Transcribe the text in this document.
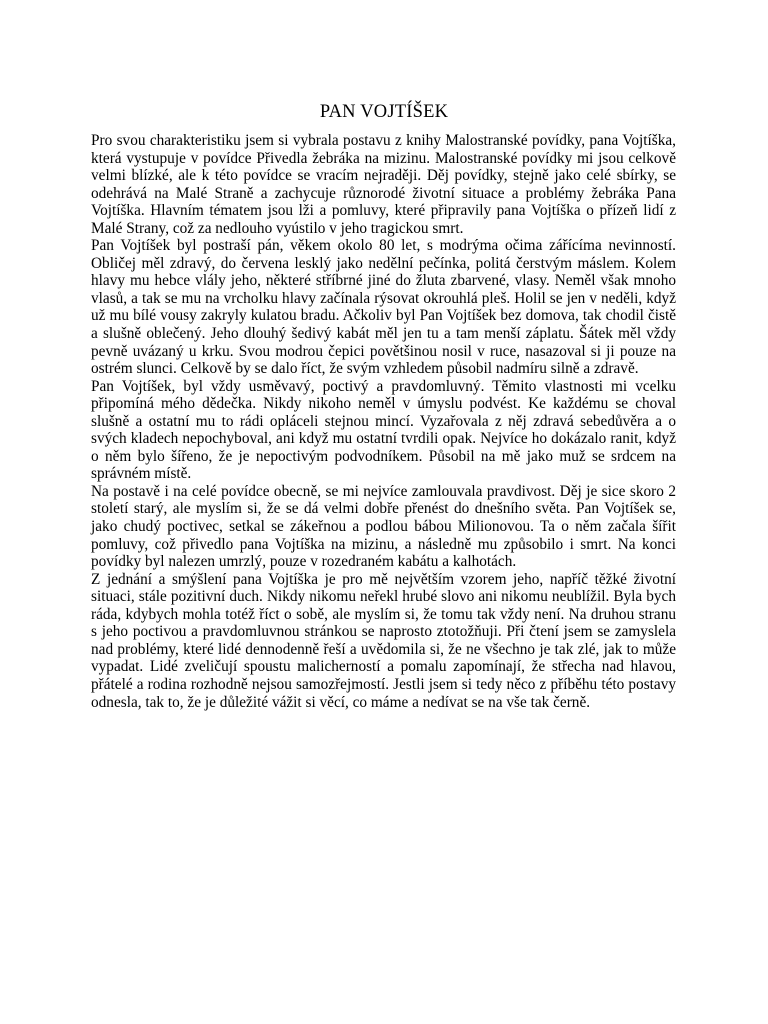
PAN VOJTÍŠEK

Pro svou charakteristiku jsem si vybrala postavu z knihy Malostranské povídky, pana Vojtíška, která vystupuje v povídce Přivedla žebráka na mizinu. Malostranské povídky mi jsou celkově velmi blízké, ale k této povídce se vracím nejraději. Děj povídky, stejně jako celé sbírky, se odehrává na Malé Straně a zachycuje různorodé životní situace a problémy žebráka Pana Vojtíška. Hlavním tématem jsou lži a pomluvy, které připravily pana Vojtíška o přízeň lidí z Malé Strany, což za nedlouho vyústilo v jeho tragickou smrt.

Pan Vojtíšek byl postraší pán, věkem okolo 80 let, s modrýma očima zářícíma nevinností. Obličej měl zdravý, do červena lesklý jako nedělní pečínka, politá čerstvým máslem. Kolem hlavy mu hebce vlály jeho, některé stříbrné jiné do žluta zbarvené, vlasy. Neměl však mnoho vlasů, a tak se mu na vrcholku hlavy začínala rýsovat okrouhlá pleš. Holil se jen v neděli, když už mu bílé vousy zakryly kulatou bradu. Ačkoliv byl Pan Vojtíšek bez domova, tak chodil čistě a slušně oblečený. Jeho dlouhý šedivý kabát měl jen tu a tam menší záplatu. Šátek měl vždy pevně uvázaný u krku. Svou modrou čepici povětšinou nosil v ruce, nasazoval si ji pouze na ostrém slunci. Celkově by se dalo říct, že svým vzhledem působil nadmíru silně a zdravě.

Pan Vojtíšek, byl vždy usměvavý, poctivý a pravdomluvný. Těmito vlastnosti mi vcelku připomíná mého dědečka. Nikdy nikoho neměl v úmyslu podvést. Ke každému se choval slušně a ostatní mu to rádi opláceli stejnou mincí. Vyzařovala z něj zdravá sebedůvěra a o svých kladech nepochyboval, ani když mu ostatní tvrdili opak. Nejvíce ho dokázalo ranit, když o něm bylo šířeno, že je nepoctivým podvodníkem. Působil na mě jako muž se srdcem na správném místě.

Na postavě i na celé povídce obecně, se mi nejvíce zamlouvala pravdivost. Děj je sice skoro 2 století starý, ale myslím si, že se dá velmi dobře přenést do dnešního světa. Pan Vojtíšek se, jako chudý poctivec, setkal se zákeřnou a podlou bábou Milionovou. Ta o něm začala šířit pomluvy, což přivedlo pana Vojtíška na mizinu, a následně mu způsobilo i smrt. Na konci povídky byl nalezen umrzlý, pouze v rozedraném kabátu a kalhotách.

Z jednání a smýšlení pana Vojtíška je pro mě největším vzorem jeho, napříč těžké životní situaci, stále pozitivní duch. Nikdy nikomu neřekl hrubé slovo ani nikomu neublížil. Byla bych ráda, kdybych mohla totéž říct o sobě, ale myslím si, že tomu tak vždy není. Na druhou stranu s jeho poctivou a pravdomluvnou stránkou se naprosto ztotožňuji. Při čtení jsem se zamyslela nad problémy, které lidé dennodenně řeší a uvědomila si, že ne všechno je tak zlé, jak to může vypadat. Lidé zveličují spoustu malicherností a pomalu zapomínají, že střecha nad hlavou, přátelé a rodina rozhodně nejsou samozřejmostí. Jestli jsem si tedy něco z příběhu této postavy odnesla, tak to, že je důležité vážit si věcí, co máme a nedívat se na vše tak černě.
